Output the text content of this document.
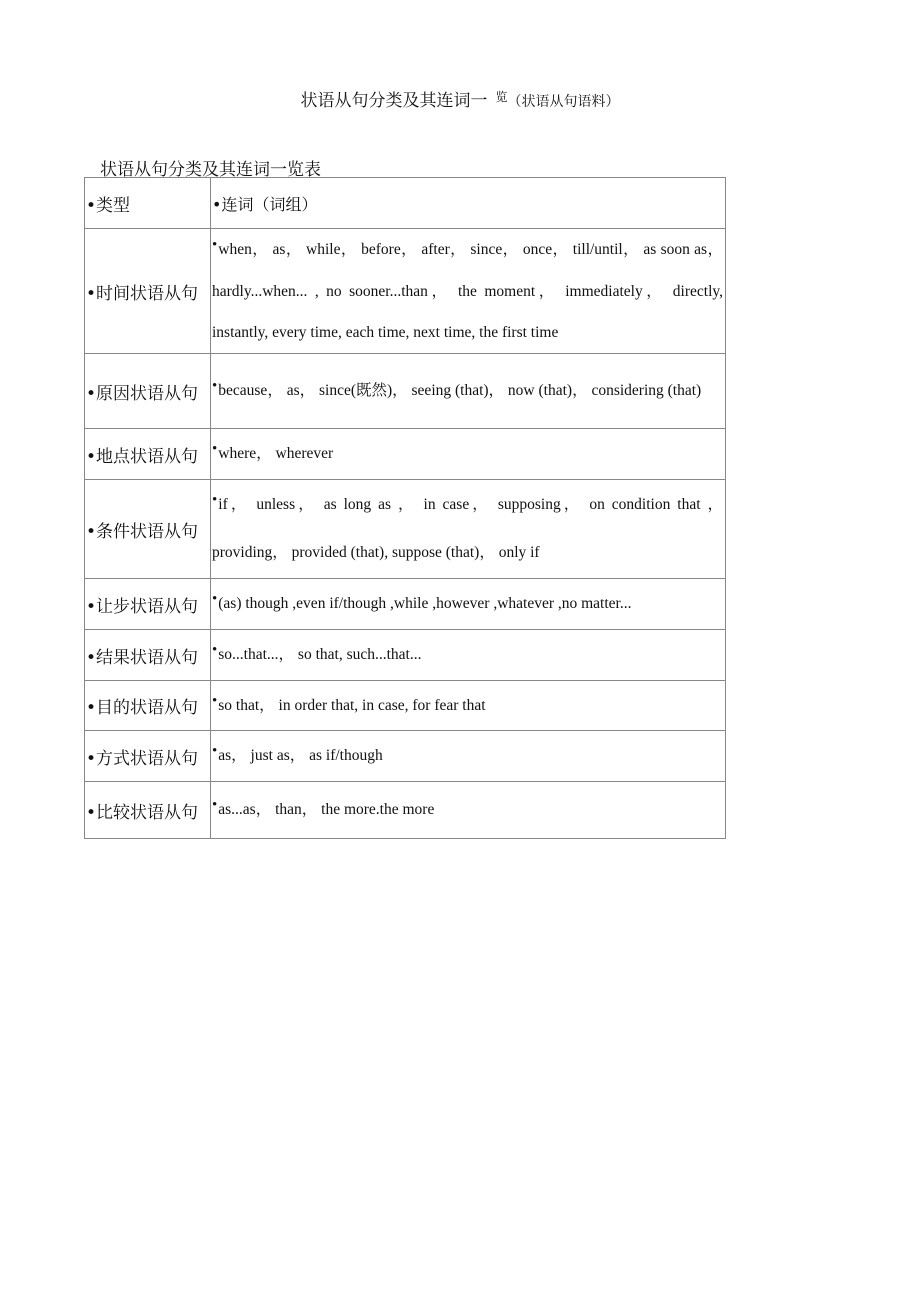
状语从句分类及其连词一 $^览$（状语从句语料）
状语从句分类及其连词一览表
•类型	•连词（词组）
•时间状语从句	•when， as， while， before， after， since， once， till/until， as soon as， hardly...when... , no sooner...than， the moment， immediately， directly, instantly, every time, each time, next time, the first time
•原因状语从句	•because， as， since(既然)， seeing (that)， now (that)， considering (that)
•地点状语从句	•where， wherever
•条件状语从句	•if， unless， as long as ， in case， supposing， on condition that ， providing， provided (that), suppose (that)， only if
•让步状语从句	•(as) though ,even if/though ,while ,however ,whatever ,no matter...
•结果状语从句	•so...that...， so that, such...that...
•目的状语从句	•so that， in order that, in case, for fear that
•方式状语从句	•as， just as， as if/though
•比较状语从句	•as...as， than， the more.the more
